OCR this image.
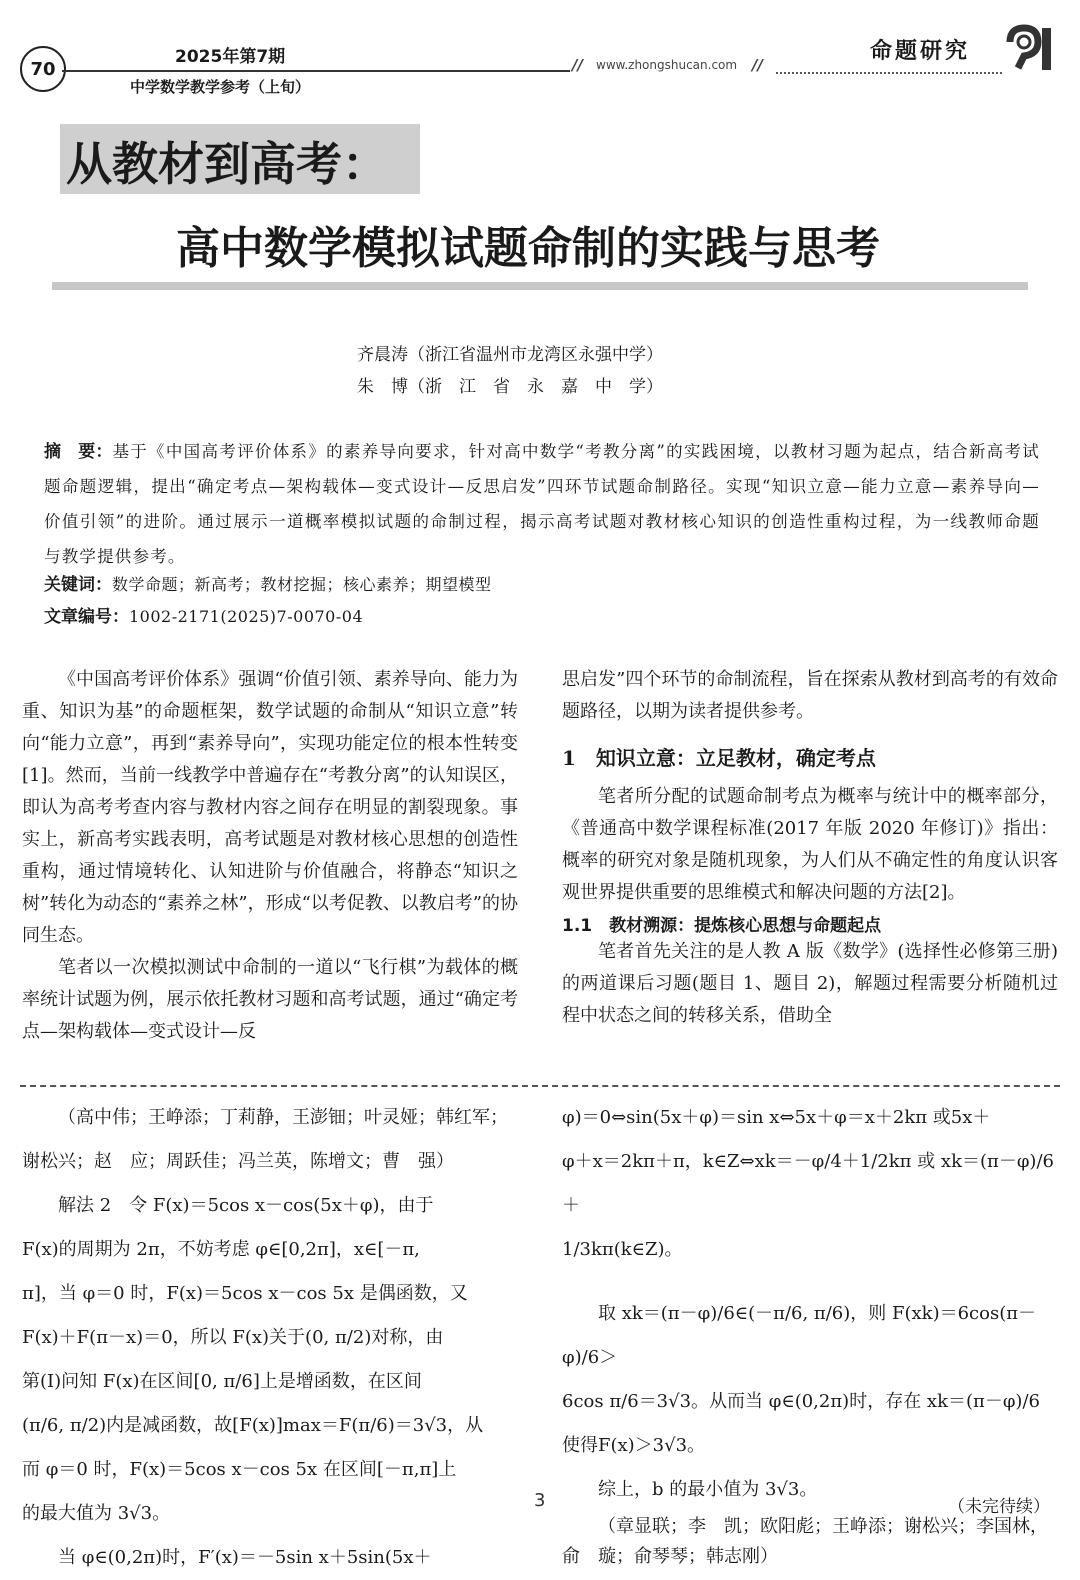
70
2025年第7期
中学数学教学参考（上旬）
// www.zhongshucan.com //
命题研究
从教材到高考：
高中数学模拟试题命制的实践与思考
齐晨涛（浙江省温州市龙湾区永强中学）
朱　博（浙　江　省　永　嘉　中　学）
摘　要：基于《中国高考评价体系》的素养导向要求，针对高中数学“考教分离”的实践困境，以教材习题为起点，结合新高考试题命题逻辑，提出“确定考点—架构载体—变式设计—反思启发”四环节试题命制路径。实现“知识立意—能力立意—素养导向—价值引领”的进阶。通过展示一道概率模拟试题的命制过程，揭示高考试题对教材核心知识的创造性重构过程，为一线教师命题与教学提供参考。
关键词：数学命题；新高考；教材挖掘；核心素养；期望模型
文章编号：1002-2171(2025)7-0070-04

《中国高考评价体系》强调“价值引领、素养导向、能力为重、知识为基”的命题框架，数学试题的命制从“知识立意”转向“能力立意”，再到“素养导向”，实现功能定位的根本性转变[1]。然而，当前一线教学中普遍存在“考教分离”的认知误区，即认为高考考查内容与教材内容之间存在明显的割裂现象。事实上，新高考实践表明，高考试题是对教材核心思想的创造性重构，通过情境转化、认知进阶与价值融合，将静态“知识之树”转化为动态的“素养之林”，形成“以考促教、以教启考”的协同生态。

笔者以一次模拟测试中命制的一道以“飞行棋”为载体的概率统计试题为例，展示依托教材习题和高考试题，通过“确定考点—架构载体—变式设计—反

思启发”四个环节的命制流程，旨在探索从教材到高考的有效命题路径，以期为读者提供参考。

1　知识立意：立足教材，确定考点

笔者所分配的试题命制考点为概率与统计中的概率部分，《普通高中数学课程标准(2017 年版 2020 年修订)》指出：概率的研究对象是随机现象，为人们从不确定性的角度认识客观世界提供重要的思维模式和解决问题的方法[2]。

1.1　教材溯源：提炼核心思想与命题起点

笔者首先关注的是人教 A 版《数学》(选择性必修第三册)的两道课后习题(题目 1、题目 2)，解题过程需要分析随机过程中状态之间的转移关系，借助全

（高中伟；王峥添；丁莉静，王澎钿；叶灵娅；韩红军；

谢松兴；赵　应；周跃佳；冯兰英，陈增文；曹　强）

解法 2　令 F(x)＝5cos x－cos(5x＋φ)，由于

F(x)的周期为 2π，不妨考虑 φ∈[0,2π]，x∈[－π,

π]，当 φ＝0 时，F(x)＝5cos x－cos 5x 是偶函数，又

F(x)＋F(π－x)＝0，所以 F(x)关于(0, π/2)对称，由

第(Ⅰ)问知 F(x)在区间[0, π/6]上是增函数，在区间

(π/6, π/2)内是减函数，故[F(x)]max＝F(π/6)＝3√3，从

而 φ＝0 时，F(x)＝5cos x－cos 5x 在区间[－π,π]上

的最大值为 3√3。

当 φ∈(0,2π)时，F′(x)＝－5sin x＋5sin(5x＋

φ)＝0⇔sin(5x＋φ)＝sin x⇔5x＋φ＝x＋2kπ 或5x＋

φ＋x＝2kπ＋π，k∈Z⇔xk＝－φ/4＋1/2kπ 或 xk＝(π－φ)/6＋

1/3kπ(k∈Z)。

取 xk＝(π－φ)/6∈(－π/6, π/6)，则 F(xk)＝6cos(π－φ)/6＞

6cos π/6＝3√3。从而当 φ∈(0,2π)时，存在 xk＝(π－φ)/6

使得F(x)＞3√3。

综上，b 的最小值为 3√3。

（章显联；李　凯；欧阳彪；王峥添；谢松兴；李国林，

俞　璇；俞琴琴；韩志刚）

3	（未完待续）
